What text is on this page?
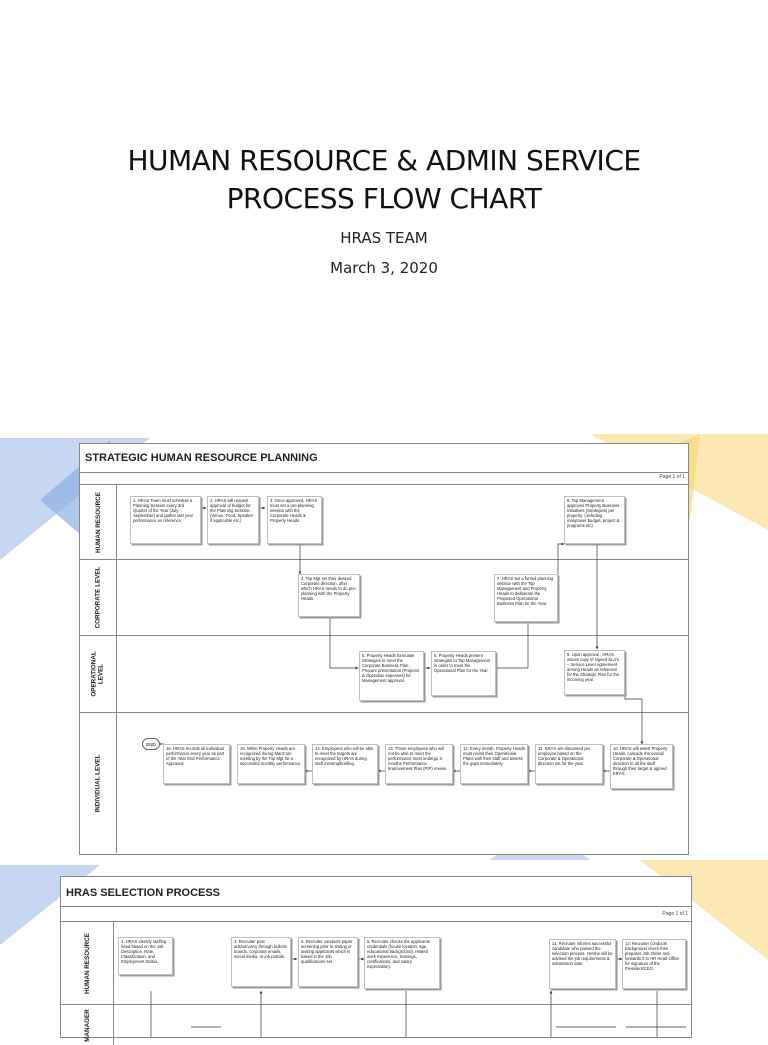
HUMAN RESOURCE & ADMIN SERVICE
PROCESS FLOW CHART
HRAS TEAM
March 3, 2020
STRATEGIC HUMAN RESOURCE PLANNING
Page 1 of 1
HUMAN RESOURCE
CORPORATE LEVEL
OPERATIONAL LEVEL
INDIVIDUAL LEVEL
END
1. HRAS Team must schedule a Planning Session every 3rd Quarter of the Year (July-September) and gather last year performance as reference.
2. HRAS will request approval of budget for the Planning Session. (Venue, Food, Speaker if applicable etc.)
3. Once approved, HRAS must set a pre-planning session with the Corporate Heads & Property Heads.
4. Top Mgt set their desired Corporate direction, after which HRAS needs to do pre-planning with the Property Heads.
5. Property Heads formulate Strategies to meet the Corporate Business Plan. Prepare presentation (Projects & Operation expenses) for Management approval.
6. Property Heads present strategies to Top Management in order to meet the Operational Plan for the Year.
7. HRAS set a formal planning session with the Top Management and Property Heads to deliberate the Proposed Operational Business Plan for the Year.
8. Top Management approves Property Business Initiatives (Strategies) per property. (including manpower budget, project & programs etc)
9. Upon approval , HRAS issues copy of signed SLA's – Service Level Agreement among Heads as reference for the Strategic Plan for the incoming year.
10. HRAS will assist Property Heads, cascade the overall Corporate & Operational direction to all the staff through their target & agreed KRA's.
11. KRA's are discussed per employee based on the Corporate & Operational direction set for the year.
12. Every month, Property Heads must revisit their Operational Plans with their staff and assess the gaps immediately.
13. Those employees who will not be able to meet the performance must undergo 3 months Performance Improvement Plan (PIP) review.
14. Employees who will be able to meet the targets are recognized by HRAS during staff meeting/briefing.
15. While Property Heads are recognized during ManCom meeting by the Top Mgt for a successful monthly performance.
16. HRAS records all individual performance every year as part of the Year End Performance Appraisal.
HRAS SELECTION PROCESS
Page 1 of 1
HUMAN RESOURCE
MANAGER
1. HRAS identify staffing need based on the Job Description, Rate, Classification, and Employment Status.
3. Recruiter post ads/vacancy through bulletin boards, corporate emails, social media, or job portals.
4. Recruiter conducts paper screening prior to testing or inviting applicants which is based in the Job qualifications set.
5. Recruiter checks the applicants credentials (house location, age, educational background), related work experience, trainings, certifications, and salary expectation).
11. Recruiter informs successful candidate who passed the selection process. He/she will be advised the job requirements & submission date.
12. Recruiter conducts background check then prepares Job Order and forwards it to HR Head Office for signature of the President/CEO.
